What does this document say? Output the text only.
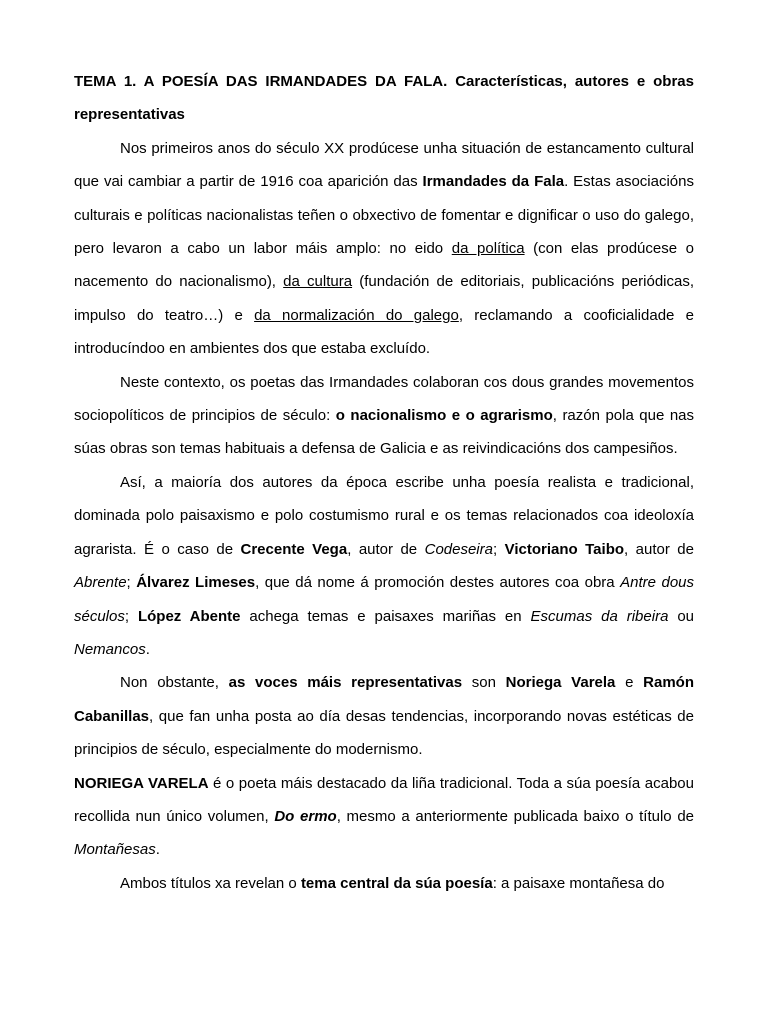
TEMA 1. A POESÍA DAS IRMANDADES DA FALA. Características, autores e obras representativas

Nos primeiros anos do século XX prodúcese unha situación de estancamento cultural que vai cambiar a partir de 1916 coa aparición das Irmandades da Fala. Estas asociacións culturais e políticas nacionalistas teñen o obxectivo de fomentar e dignificar o uso do galego, pero levaron a cabo un labor máis amplo: no eido da política (con elas prodúcese o nacemento do nacionalismo), da cultura (fundación de editoriais, publicacións periódicas, impulso do teatro…) e da normalización do galego, reclamando a cooficialidade e introducíndoo en ambientes dos que estaba excluído.

Neste contexto, os poetas das Irmandades colaboran cos dous grandes movementos sociopolíticos de principios de século: o nacionalismo e o agrarismo, razón pola que nas súas obras son temas habituais a defensa de Galicia e as reivindicacións dos campesiños.

Así, a maioría dos autores da época escribe unha poesía realista e tradicional, dominada polo paisaxismo e polo costumismo rural e os temas relacionados coa ideoloxía agrarista. É o caso de Crecente Vega, autor de Codeseira; Victoriano Taibo, autor de Abrente; Álvarez Limeses, que dá nome á promoción destes autores coa obra Antre dous séculos; López Abente achega temas e paisaxes mariñas en Escumas da ribeira ou Nemancos.

Non obstante, as voces máis representativas son Noriega Varela e Ramón Cabanillas, que fan unha posta ao día desas tendencias, incorporando novas estéticas de principios de século, especialmente do modernismo.

NORIEGA VARELA é o poeta máis destacado da liña tradicional. Toda a súa poesía acabou recollida nun único volumen, Do ermo, mesmo a anteriormente publicada baixo o título de Montañesas.

Ambos títulos xa revelan o tema central da súa poesía: a paisaxe montañesa do
